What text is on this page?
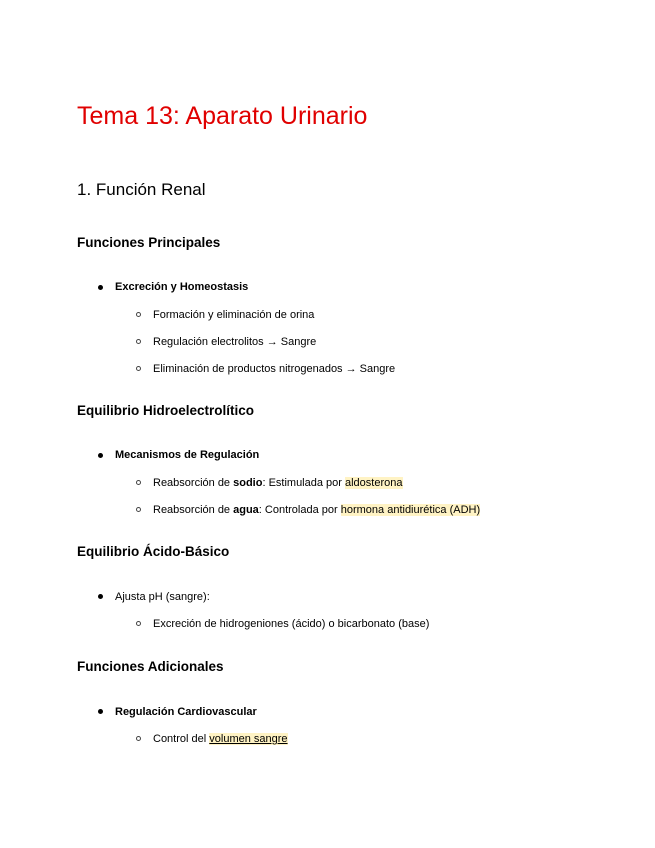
Tema 13: Aparato Urinario
1. Función Renal
Funciones Principales
Excreción y Homeostasis
Formación y eliminación de orina
Regulación electrolitos → Sangre
Eliminación de productos nitrogenados → Sangre
Equilibrio Hidroelectrolítico
Mecanismos de Regulación
Reabsorción de sodio: Estimulada por aldosterona
Reabsorción de agua: Controlada por hormona antidiurética (ADH)
Equilibrio Ácido-Básico
Ajusta pH (sangre):
Excreción de hidrogeniones (ácido) o bicarbonato (base)
Funciones Adicionales
Regulación Cardiovascular
Control del volumen sangre
